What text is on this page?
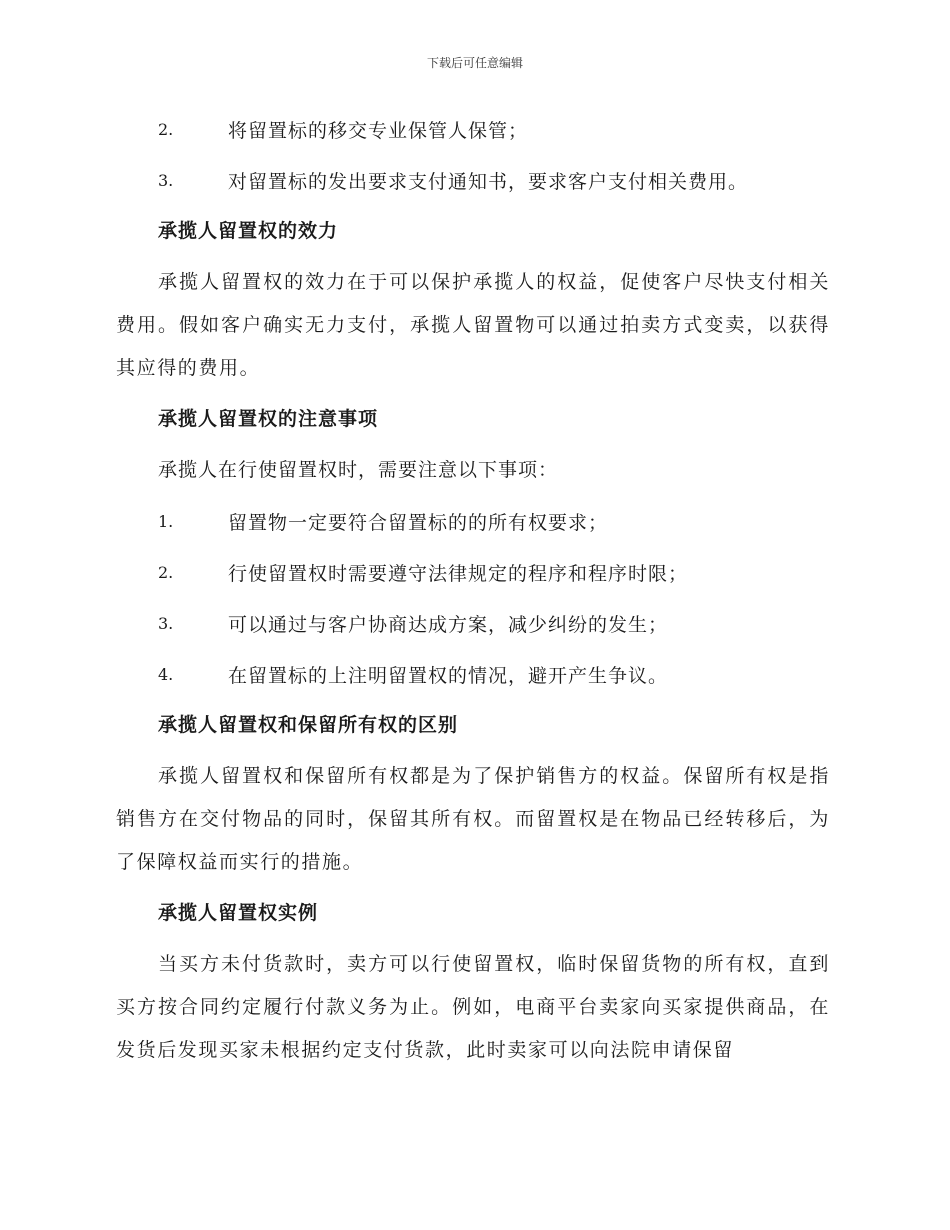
下载后可任意编辑
2.	将留置标的移交专业保管人保管；
3.	对留置标的发出要求支付通知书，要求客户支付相关费用。
承揽人留置权的效力

承揽人留置权的效力在于可以保护承揽人的权益，促使客户尽快支付相关费用。假如客户确实无力支付，承揽人留置物可以通过拍卖方式变卖，以获得其应得的费用。

承揽人留置权的注意事项
承揽人在行使留置权时，需要注意以下事项：
1.	留置物一定要符合留置标的的所有权要求；
2.	行使留置权时需要遵守法律规定的程序和程序时限；
3.	可以通过与客户协商达成方案，减少纠纷的发生；
4.	在留置标的上注明留置权的情况，避开产生争议。
承揽人留置权和保留所有权的区别

承揽人留置权和保留所有权都是为了保护销售方的权益。保留所有权是指销售方在交付物品的同时，保留其所有权。而留置权是在物品已经转移后，为了保障权益而实行的措施。

承揽人留置权实例

当买方未付货款时，卖方可以行使留置权，临时保留货物的所有权，直到买方按合同约定履行付款义务为止。例如，电商平台卖家向买家提供商品，在发货后发现买家未根据约定支付货款，此时卖家可以向法院申请保留
